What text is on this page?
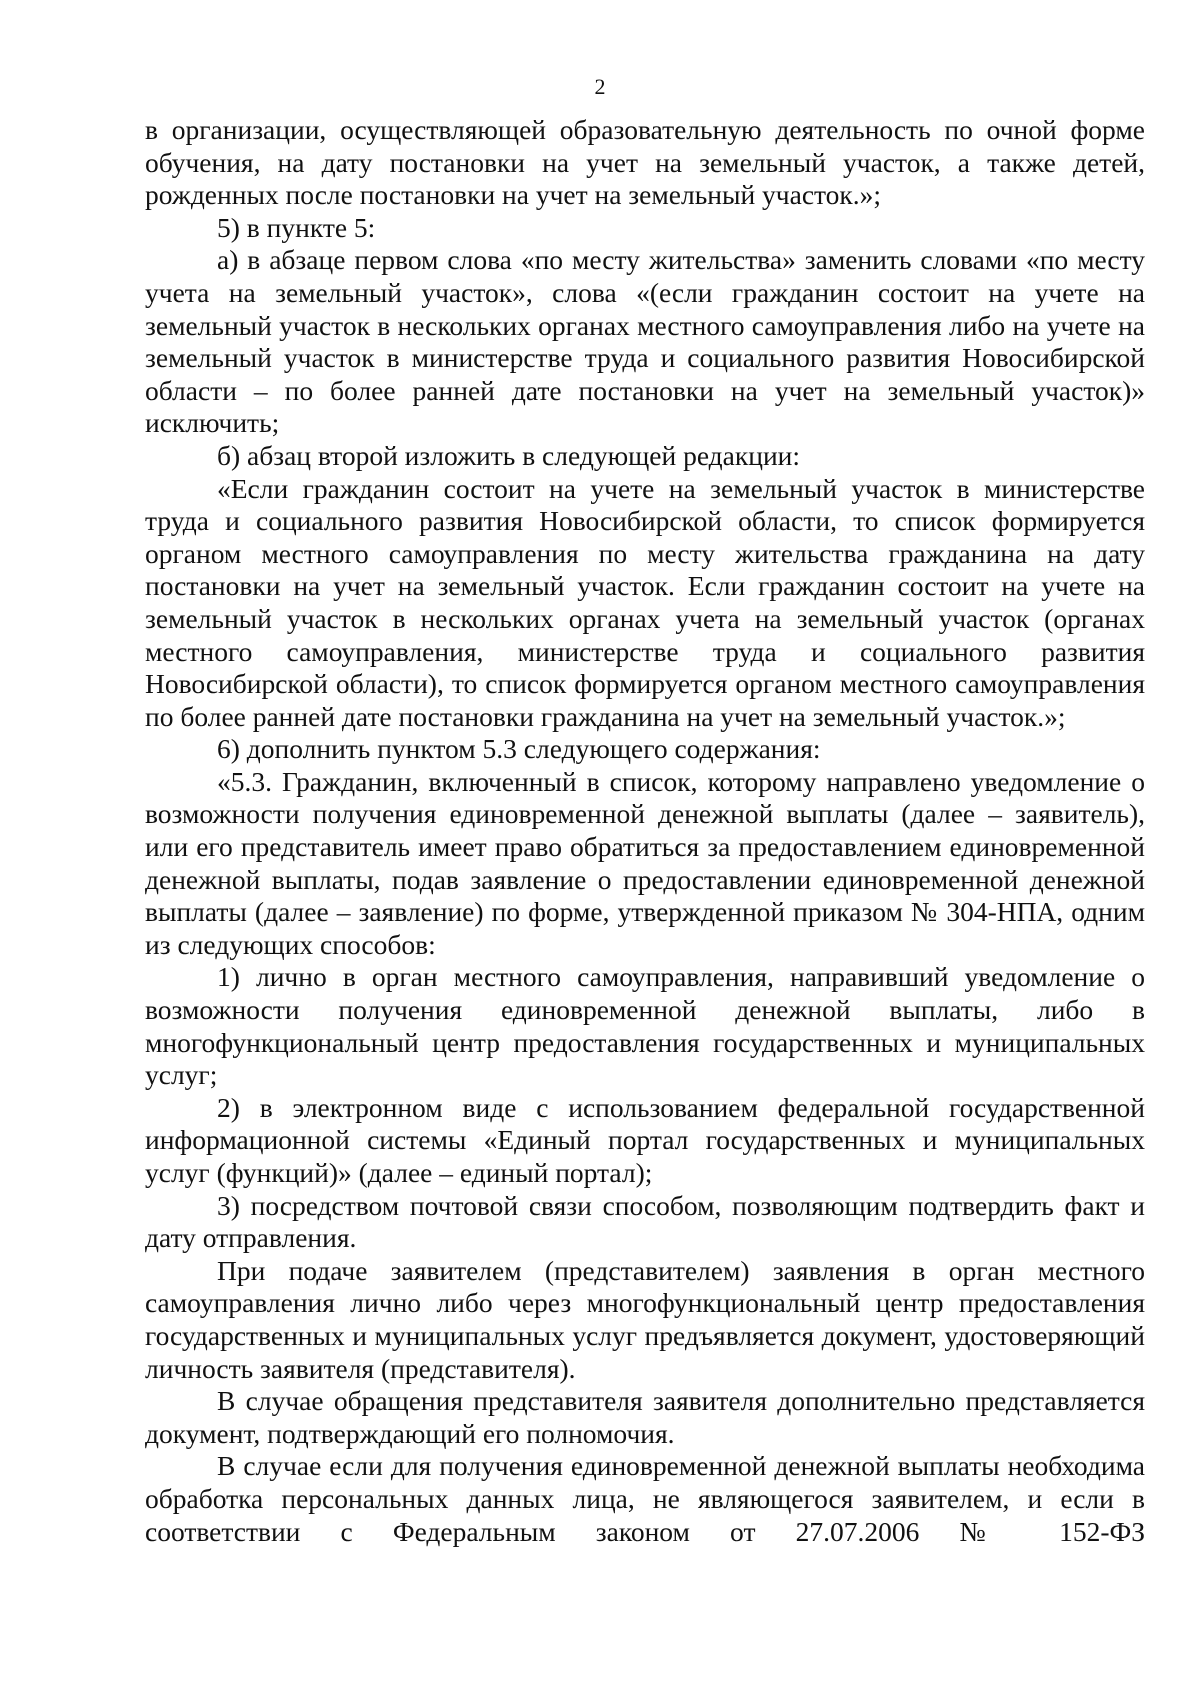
2

в организации, осуществляющей образовательную деятельность по очной форме обучения, на дату постановки на учет на земельный участок, а также детей, рожденных после постановки на учет на земельный участок.»;

5) в пункте 5:

а) в абзаце первом слова «по месту жительства» заменить словами «по месту учета на земельный участок», слова «(если гражданин состоит на учете на земельный участок в нескольких органах местного самоуправления либо на учете на земельный участок в министерстве труда и социального развития Новосибирской области – по более ранней дате постановки на учет на земельный участок)» исключить;

б) абзац второй изложить в следующей редакции:

«Если гражданин состоит на учете на земельный участок в министерстве труда и социального развития Новосибирской области, то список формируется органом местного самоуправления по месту жительства гражданина на дату постановки на учет на земельный участок. Если гражданин состоит на учете на земельный участок в нескольких органах учета на земельный участок (органах местного самоуправления, министерстве труда и социального развития Новосибирской области), то список формируется органом местного самоуправления по более ранней дате постановки гражданина на учет на земельный участок.»;

6) дополнить пунктом 5.3 следующего содержания:

«5.3. Гражданин, включенный в список, которому направлено уведомление о возможности получения единовременной денежной выплаты (далее – заявитель), или его представитель имеет право обратиться за предоставлением единовременной денежной выплаты, подав заявление о предоставлении единовременной денежной выплаты (далее – заявление) по форме, утвержденной приказом № 304-НПА, одним из следующих способов:

1) лично в орган местного самоуправления, направивший уведомление о возможности получения единовременной денежной выплаты, либо в многофункциональный центр предоставления государственных и муниципальных услуг;

2) в электронном виде с использованием федеральной государственной информационной системы «Единый портал государственных и муниципальных услуг (функций)» (далее – единый портал);

3) посредством почтовой связи способом, позволяющим подтвердить факт и дату отправления.

При подаче заявителем (представителем) заявления в орган местного самоуправления лично либо через многофункциональный центр предоставления государственных и муниципальных услуг предъявляется документ, удостоверяющий личность заявителя (представителя).

В случае обращения представителя заявителя дополнительно представляется документ, подтверждающий его полномочия.

В случае если для получения единовременной денежной выплаты необходима обработка персональных данных лица, не являющегося заявителем, и если в соответствии с Федеральным законом от 27.07.2006 № 152-ФЗ
